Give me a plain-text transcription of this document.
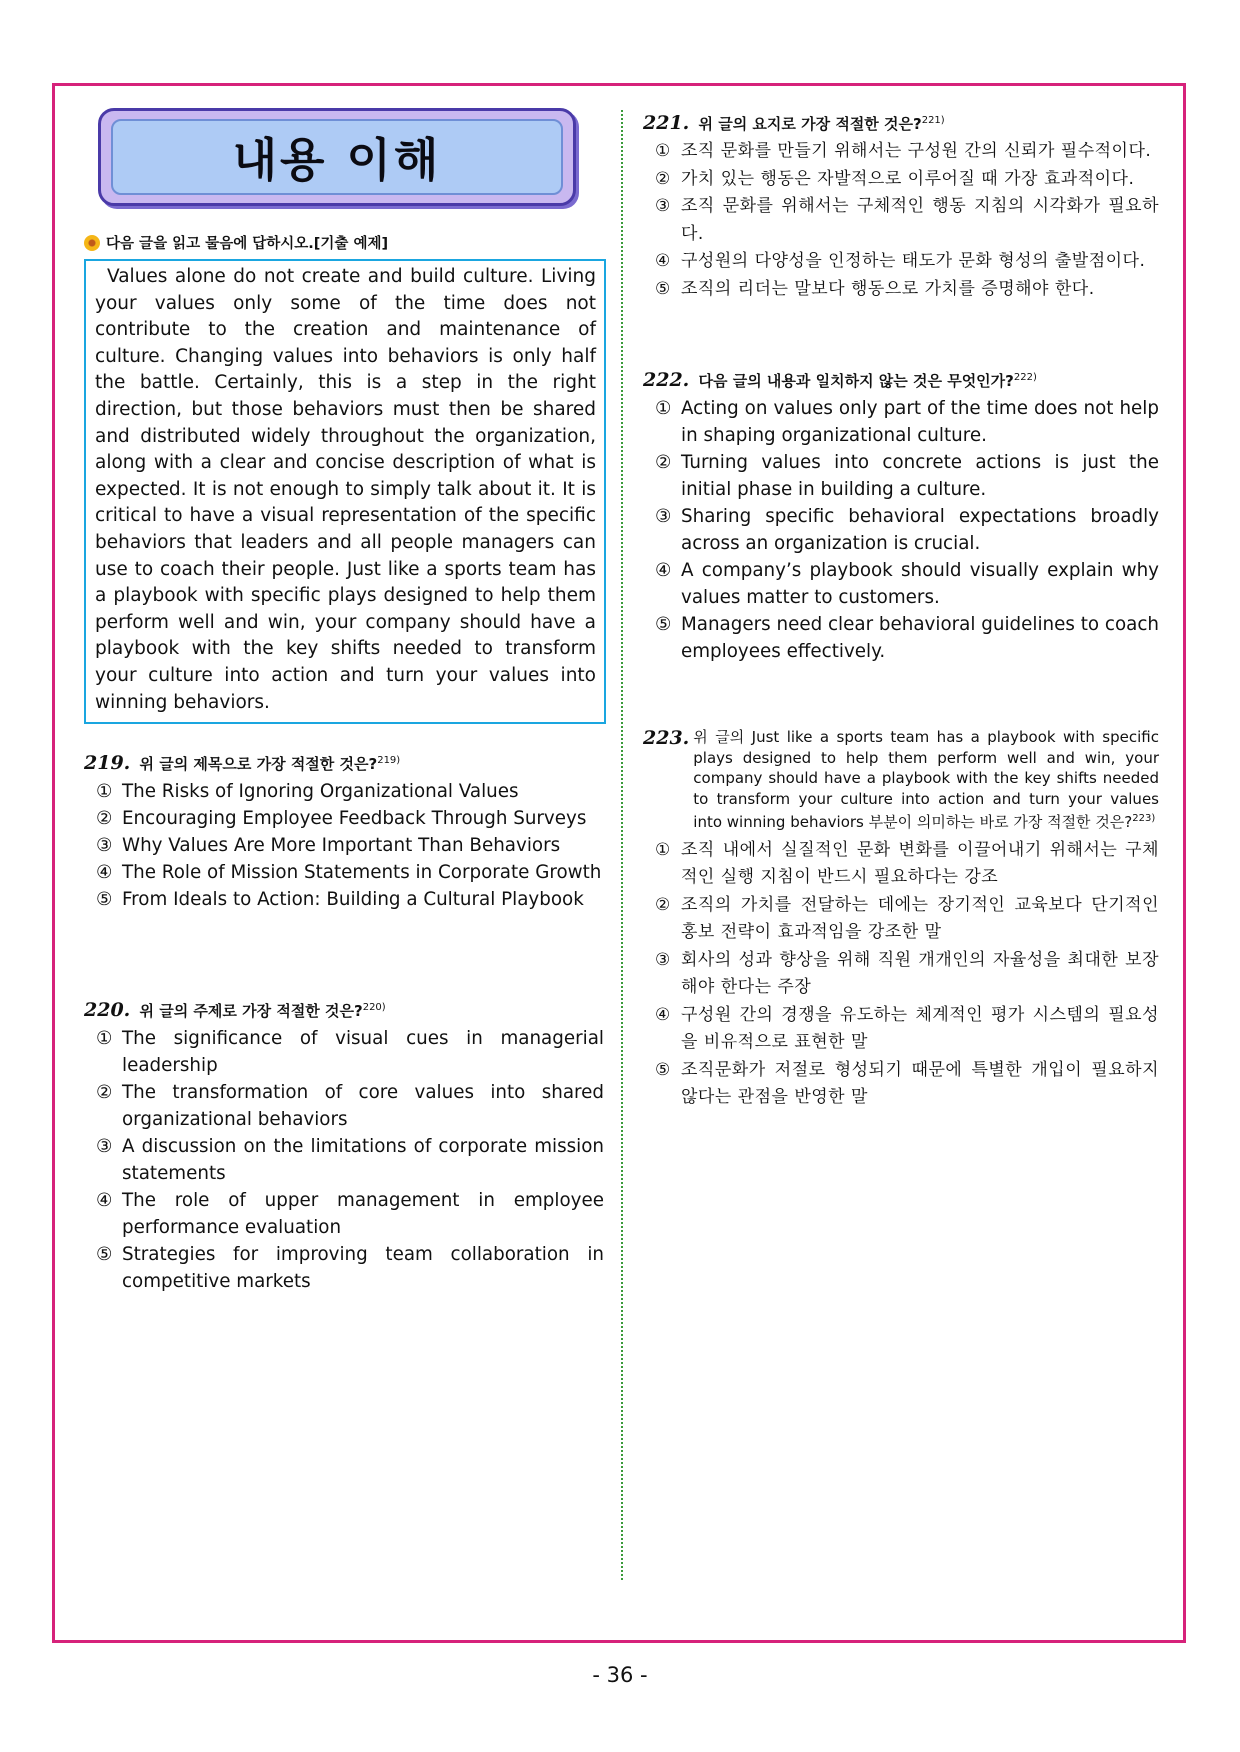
내용 이해
다음 글을 읽고 물음에 답하시오.[기출 예제]

Values alone do not create and build culture. Living your values only some of the time does not contribute to the creation and maintenance of culture. Changing values into behaviors is only half the battle. Certainly, this is a step in the right direction, but those behaviors must then be shared and distributed widely throughout the organization, along with a clear and concise description of what is expected. It is not enough to simply talk about it. It is critical to have a visual representation of the specific behaviors that leaders and all people managers can use to coach their people. Just like a sports team has a playbook with specific plays designed to help them perform well and win, your company should have a playbook with the key shifts needed to transform your culture into action and turn your values into winning behaviors.

219. 위 글의 제목으로 가장 적절한 것은?$^{219)}$
① The Risks of Ignoring Organizational Values
② Encouraging Employee Feedback Through Surveys
③ Why Values Are More Important Than Behaviors
④ The Role of Mission Statements in Corporate Growth
⑤ From Ideals to Action: Building a Cultural Playbook
220. 위 글의 주제로 가장 적절한 것은?$^{220)}$
① The significance of visual cues in managerial leadership
② The transformation of core values into shared organizational behaviors
③ A discussion on the limitations of corporate mission statements
④ The role of upper management in employee performance evaluation
⑤ Strategies for improving team collaboration in competitive markets
221. 위 글의 요지로 가장 적절한 것은?$^{221)}$
① 조직 문화를 만들기 위해서는 구성원 간의 신뢰가 필수적이다.
② 가치 있는 행동은 자발적으로 이루어질 때 가장 효과적이다.
③ 조직 문화를 위해서는 구체적인 행동 지침의 시각화가 필요하다.
④ 구성원의 다양성을 인정하는 태도가 문화 형성의 출발점이다.
⑤ 조직의 리더는 말보다 행동으로 가치를 증명해야 한다.
222. 다음 글의 내용과 일치하지 않는 것은 무엇인가?$^{222)}$
① Acting on values only part of the time does not help in shaping organizational culture.
② Turning values into concrete actions is just the initial phase in building a culture.
③ Sharing specific behavioral expectations broadly across an organization is crucial.
④ A company’s playbook should visually explain why values matter to customers.
⑤ Managers need clear behavioral guidelines to coach employees effectively.
223. 위 글의 Just like a sports team has a playbook with specific plays designed to help them perform well and win, your company should have a playbook with the key shifts needed to transform your culture into action and turn your values into winning behaviors 부분이 의미하는 바로 가장 적절한 것은?$^{223)}$
① 조직 내에서 실질적인 문화 변화를 이끌어내기 위해서는 구체적인 실행 지침이 반드시 필요하다는 강조
② 조직의 가치를 전달하는 데에는 장기적인 교육보다 단기적인 홍보 전략이 효과적임을 강조한 말
③ 회사의 성과 향상을 위해 직원 개개인의 자율성을 최대한 보장해야 한다는 주장
④ 구성원 간의 경쟁을 유도하는 체계적인 평가 시스템의 필요성을 비유적으로 표현한 말
⑤ 조직문화가 저절로 형성되기 때문에 특별한 개입이 필요하지 않다는 관점을 반영한 말
- 36 -
